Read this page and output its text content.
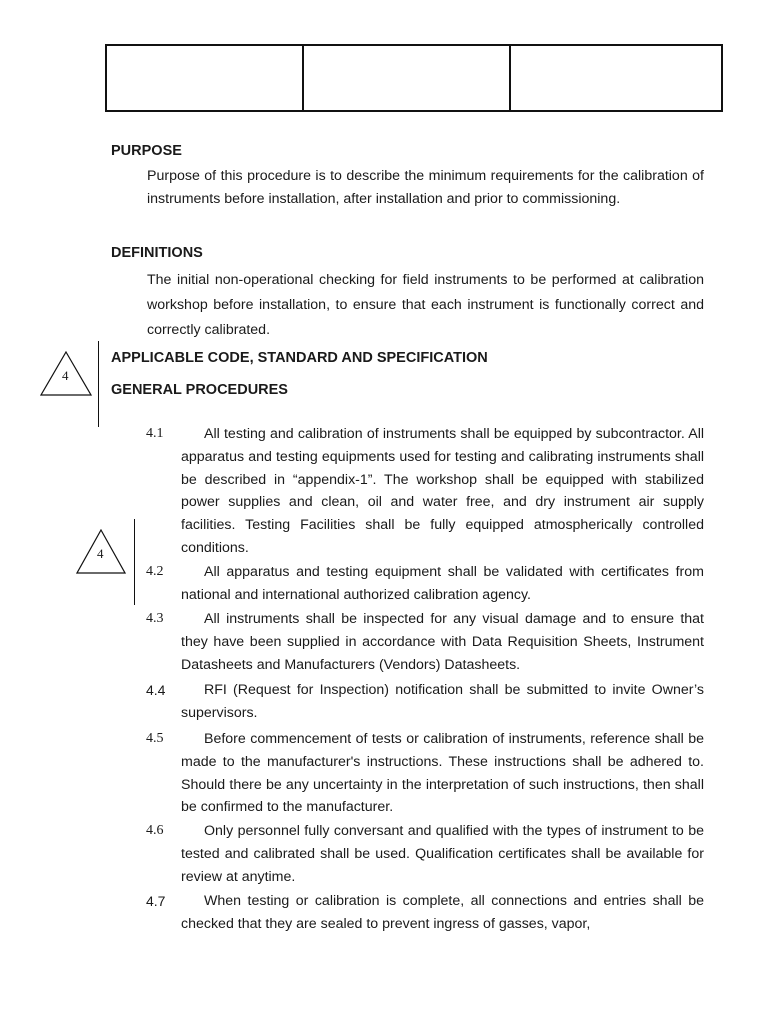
PURPOSE
Purpose of this procedure is to describe the minimum requirements for the calibration of instruments before installation, after installation and prior to commissioning.
DEFINITIONS
The initial non-operational checking for field instruments to be performed at calibration workshop before installation, to ensure that each instrument is functionally correct and correctly calibrated.
APPLICABLE CODE, STANDARD AND SPECIFICATION
GENERAL PROCEDURES
4
4
4.1	All testing and calibration of instruments shall be equipped by subcontractor. All apparatus and testing equipments used for testing and calibrating instruments shall be described in “appendix-1”. The workshop shall be equipped with stabilized power supplies and clean, oil and water free, and dry instrument air supply facilities. Testing Facilities shall be fully equipped atmospherically controlled conditions.
4.2	All apparatus and testing equipment shall be validated with certificates from national and international authorized calibration agency.
4.3	All instruments shall be inspected for any visual damage and to ensure that they have been supplied in accordance with Data Requisition Sheets, Instrument Datasheets and Manufacturers (Vendors) Datasheets.
4.4	RFI (Request for Inspection) notification shall be submitted to invite Owner’s supervisors.
4.5	Before commencement of tests or calibration of instruments, reference shall be made to the manufacturer's instructions. These instructions shall be adhered to. Should there be any uncertainty in the interpretation of such instructions, then shall be confirmed to the manufacturer.
4.6	Only personnel fully conversant and qualified with the types of instrument to be tested and calibrated shall be used. Qualification certificates shall be available for review at anytime.
4.7	When testing or calibration is complete, all connections and entries shall be checked that they are sealed to prevent ingress of gasses, vapor,
